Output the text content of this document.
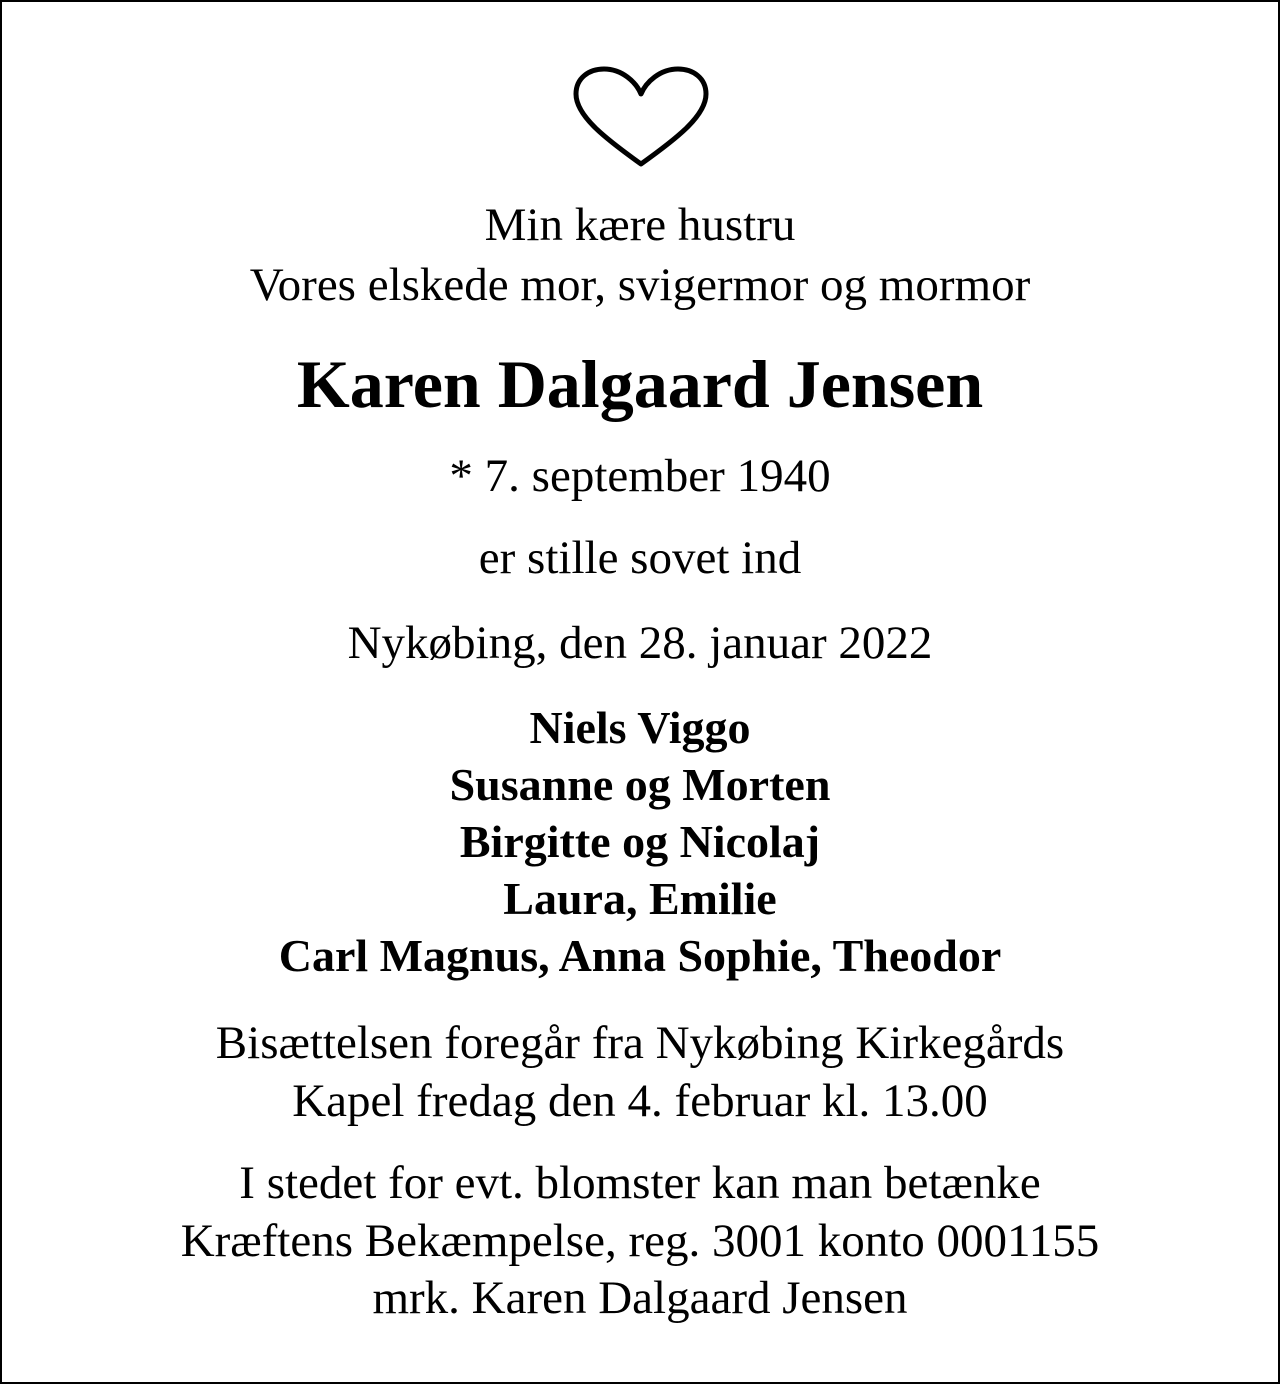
Min kære hustru
Vores elskede mor, svigermor og mormor
Karen Dalgaard Jensen
* 7. september 1940
er stille sovet ind
Nykøbing, den 28. januar 2022
Niels Viggo
Susanne og Morten
Birgitte og Nicolaj
Laura, Emilie
Carl Magnus, Anna Sophie, Theodor
Bisættelsen foregår fra Nykøbing Kirkegårds
Kapel fredag den 4. februar kl. 13.00
I stedet for evt. blomster kan man betænke
Kræftens Bekæmpelse, reg. 3001 konto 0001155
mrk. Karen Dalgaard Jensen
